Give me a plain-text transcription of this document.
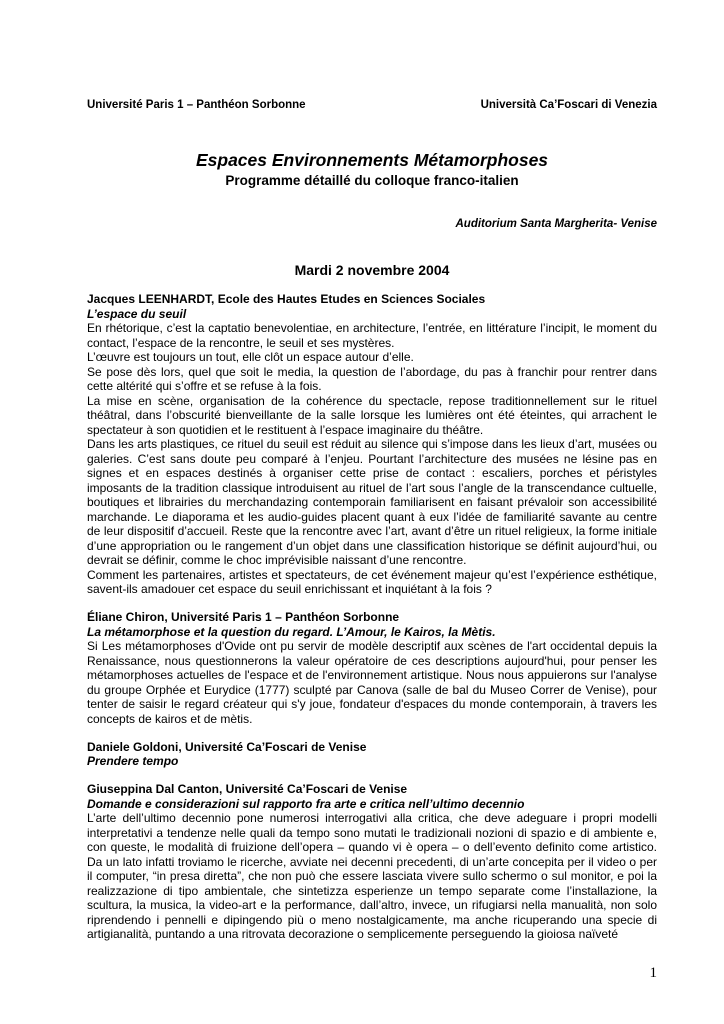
Université Paris 1 – Panthéon Sorbonne	Università Ca’Foscari di Venezia
Espaces Environnements Métamorphoses
Programme détaillé du colloque franco-italien
Auditorium Santa Margherita- Venise
Mardi 2 novembre 2004
Jacques LEENHARDT, Ecole des Hautes Etudes en Sciences Sociales
L’espace du seuil
En rhétorique, c’est la captatio benevolentiae, en architecture, l’entrée, en littérature l’incipit, le moment du contact, l’espace de la rencontre, le seuil et ses mystères.
L’œuvre est toujours un tout, elle clôt un espace autour d’elle.
Se pose dès lors, quel que soit le media, la question de l’abordage, du pas à franchir pour rentrer dans cette altérité qui s’offre et se refuse à la fois.
La mise en scène, organisation de la cohérence du spectacle, repose traditionnellement sur le rituel théâtral, dans l’obscurité bienveillante de la salle lorsque les lumières ont été éteintes, qui arrachent le spectateur à son quotidien et le restituent à l’espace imaginaire du théâtre.
Dans les arts plastiques, ce rituel du seuil est réduit au silence qui s’impose dans les lieux d’art, musées ou galeries. C’est sans doute peu comparé à l’enjeu. Pourtant l’architecture des musées ne lésine pas en signes et en espaces destinés à organiser cette prise de contact : escaliers, porches et péristyles imposants de la tradition classique introduisent au rituel de l’art sous l’angle de la transcendance cultuelle, boutiques et librairies du merchandazing contemporain familiarisent en faisant prévaloir son accessibilité marchande. Le diaporama et les audio-guides placent quant à eux l’idée de familiarité savante au centre de leur dispositif d’accueil. Reste que la rencontre avec l’art, avant d’être un rituel religieux, la forme initiale d’une appropriation ou le rangement d’un objet dans une classification historique se définit aujourd’hui, ou devrait se définir, comme le choc imprévisible naissant d’une rencontre.
Comment les partenaires, artistes et spectateurs, de cet événement majeur qu’est l’expérience esthétique, savent-ils amadouer cet espace du seuil enrichissant et inquiétant à la fois ?
Éliane Chiron, Université Paris 1 – Panthéon Sorbonne
La métamorphose et la question du regard. L’Amour, le Kairos, la Mètis.
Si Les métamorphoses d'Ovide ont pu servir de modèle descriptif aux scènes de l'art occidental depuis la Renaissance, nous questionnerons la valeur opératoire de ces descriptions aujourd'hui, pour penser les métamorphoses actuelles de l'espace et de l'environnement artistique. Nous nous appuierons sur l'analyse du groupe Orphée et Eurydice (1777) sculpté par Canova (salle de bal du Museo Correr de Venise), pour tenter de saisir le regard créateur qui s'y joue, fondateur d'espaces du monde contemporain, à travers les concepts de kairos et de mètis.
Daniele Goldoni, Université Ca’Foscari de Venise
Prendere tempo
Giuseppina Dal Canton, Université Ca’Foscari de Venise
Domande e considerazioni sul rapporto fra arte e critica nell’ultimo decennio
L’arte dell’ultimo decennio pone numerosi interrogativi alla critica, che deve adeguare i propri modelli interpretativi a tendenze nelle quali da tempo sono mutati le tradizionali nozioni di spazio e di ambiente e, con queste, le modalità di fruizione dell’opera – quando vi è opera – o dell’evento definito come artistico. Da un lato infatti troviamo le ricerche, avviate nei decenni precedenti, di un’arte concepita per il video o per il computer, “in presa diretta”, che non può che essere lasciata vivere sullo schermo o sul monitor, e poi la realizzazione di tipo ambientale, che sintetizza esperienze un tempo separate come l’installazione, la scultura, la musica, la video-art e la performance, dall’altro, invece, un rifugiarsi nella manualità, non solo riprendendo i pennelli e dipingendo più o meno nostalgicamente, ma anche ricuperando una specie di artigianalità, puntando a una ritrovata decorazione o semplicemente perseguendo la gioiosa naïveté
1
